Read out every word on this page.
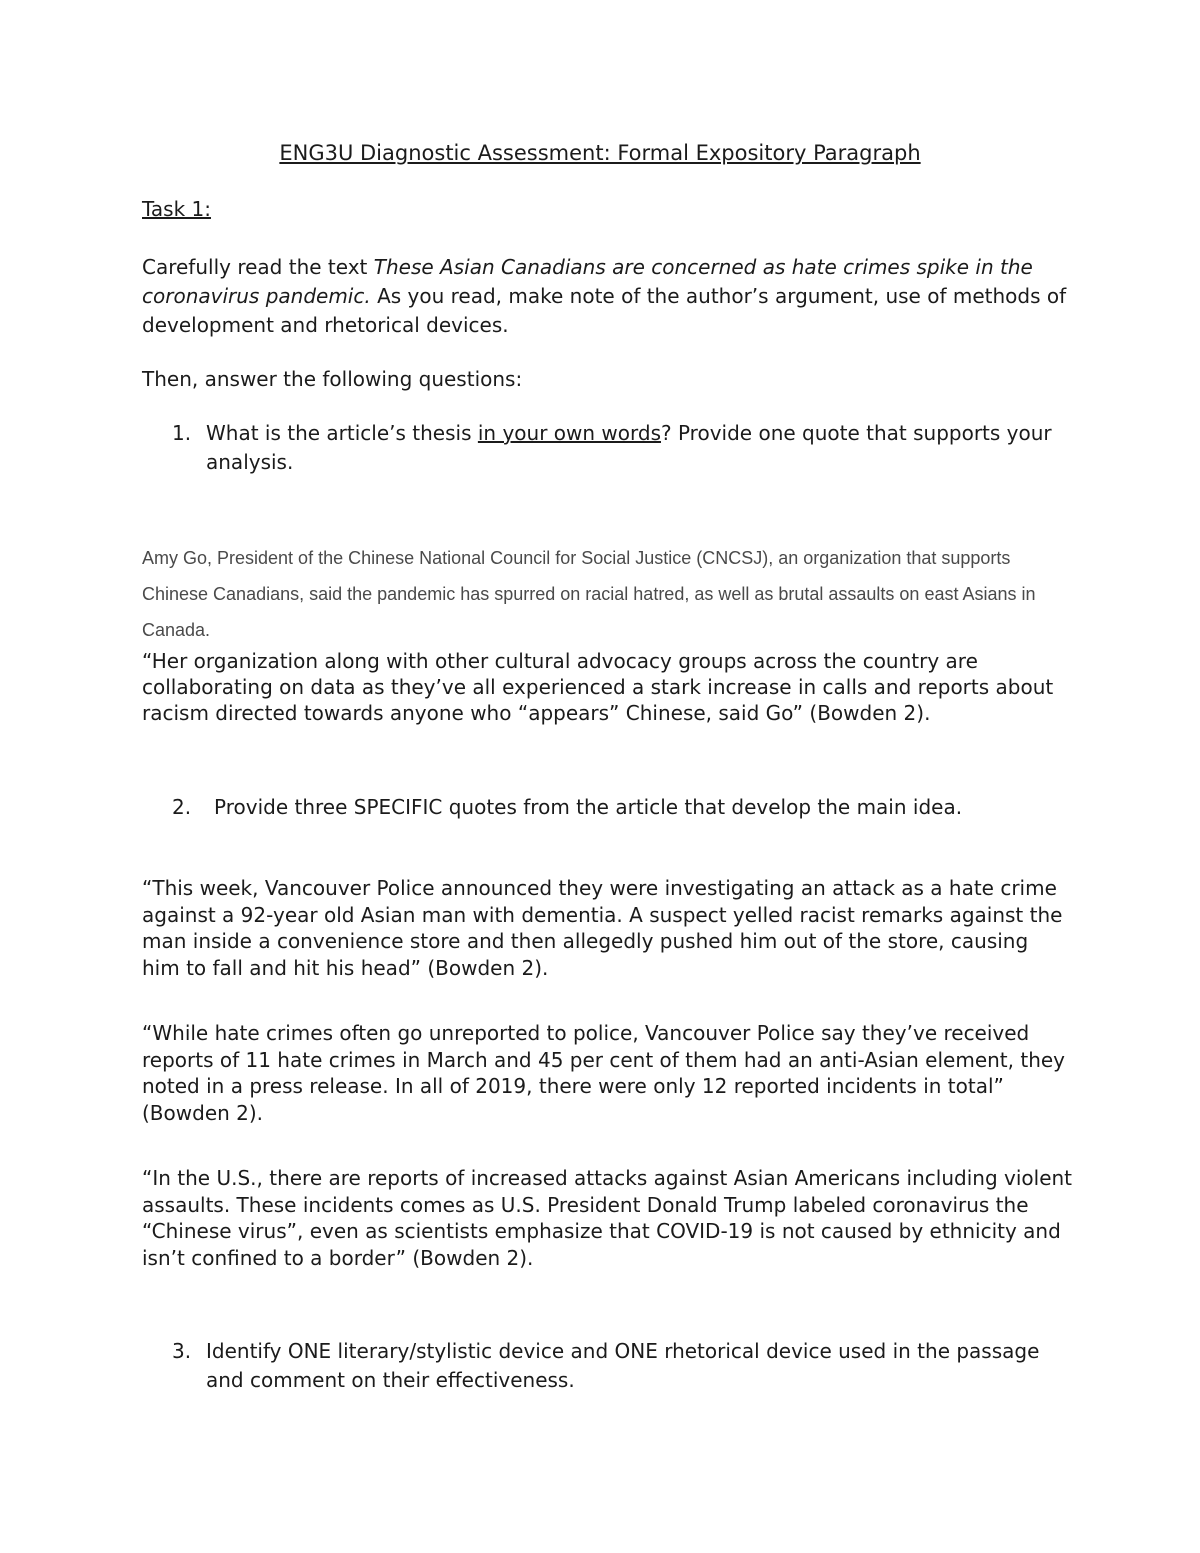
ENG3U Diagnostic Assessment: Formal Expository Paragraph
Task 1:
Carefully read the text These Asian Canadians are concerned as hate crimes spike in the coronavirus pandemic. As you read, make note of the author’s argument, use of methods of development and rhetorical devices.
Then, answer the following questions:
1. What is the article’s thesis in your own words? Provide one quote that supports your analysis.
Amy Go, President of the Chinese National Council for Social Justice (CNCSJ), an organization that supports Chinese Canadians, said the pandemic has spurred on racial hatred, as well as brutal assaults on east Asians in Canada.
“Her organization along with other cultural advocacy groups across the country are collaborating on data as they’ve all experienced a stark increase in calls and reports about racism directed towards anyone who “appears” Chinese, said Go” (Bowden 2).
2. Provide three SPECIFIC quotes from the article that develop the main idea.
“This week, Vancouver Police announced they were investigating an attack as a hate crime against a 92-year old Asian man with dementia. A suspect yelled racist remarks against the man inside a convenience store and then allegedly pushed him out of the store, causing him to fall and hit his head” (Bowden 2).
“While hate crimes often go unreported to police, Vancouver Police say they’ve received reports of 11 hate crimes in March and 45 per cent of them had an anti-Asian element, they noted in a press release. In all of 2019, there were only 12 reported incidents in total” (Bowden 2).
“In the U.S., there are reports of increased attacks against Asian Americans including violent assaults. These incidents comes as U.S. President Donald Trump labeled coronavirus the “Chinese virus”, even as scientists emphasize that COVID-19 is not caused by ethnicity and isn’t confined to a border” (Bowden 2).
3. Identify ONE literary/stylistic device and ONE rhetorical device used in the passage and comment on their effectiveness.
